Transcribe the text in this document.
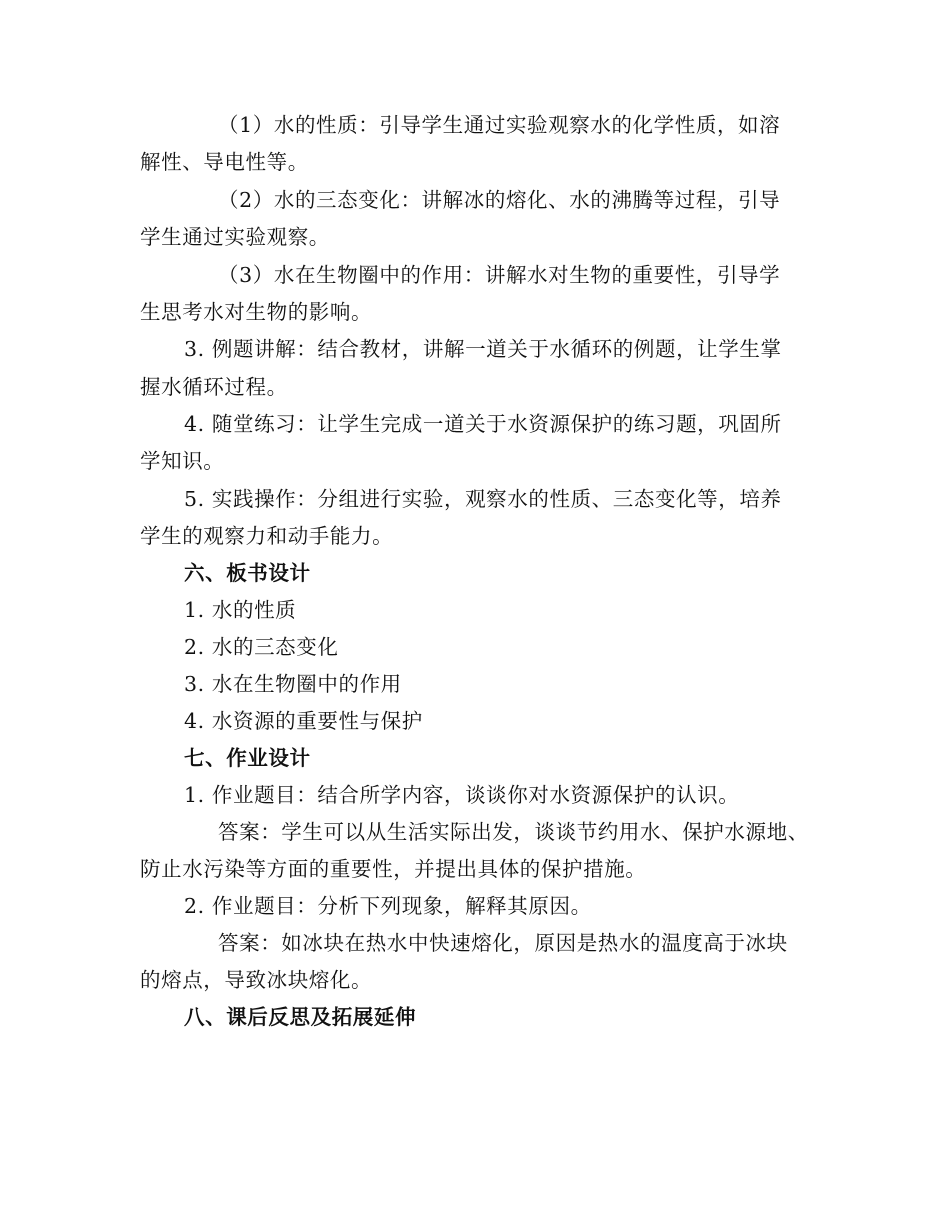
（1）水的性质：引导学生通过实验观察水的化学性质，如溶
解性、导电性等。
（2）水的三态变化：讲解冰的熔化、水的沸腾等过程，引导
学生通过实验观察。
（3）水在生物圈中的作用：讲解水对生物的重要性，引导学
生思考水对生物的影响。
3. 例题讲解：结合教材，讲解一道关于水循环的例题，让学生掌
握水循环过程。
4. 随堂练习：让学生完成一道关于水资源保护的练习题，巩固所
学知识。
5. 实践操作：分组进行实验，观察水的性质、三态变化等，培养
学生的观察力和动手能力。
六、板书设计
1. 水的性质
2. 水的三态变化
3. 水在生物圈中的作用
4. 水资源的重要性与保护
七、作业设计
1. 作业题目：结合所学内容，谈谈你对水资源保护的认识。
答案：学生可以从生活实际出发，谈谈节约用水、保护水源地、
防止水污染等方面的重要性，并提出具体的保护措施。
2. 作业题目：分析下列现象，解释其原因。
答案：如冰块在热水中快速熔化，原因是热水的温度高于冰块
的熔点，导致冰块熔化。
八、课后反思及拓展延伸
